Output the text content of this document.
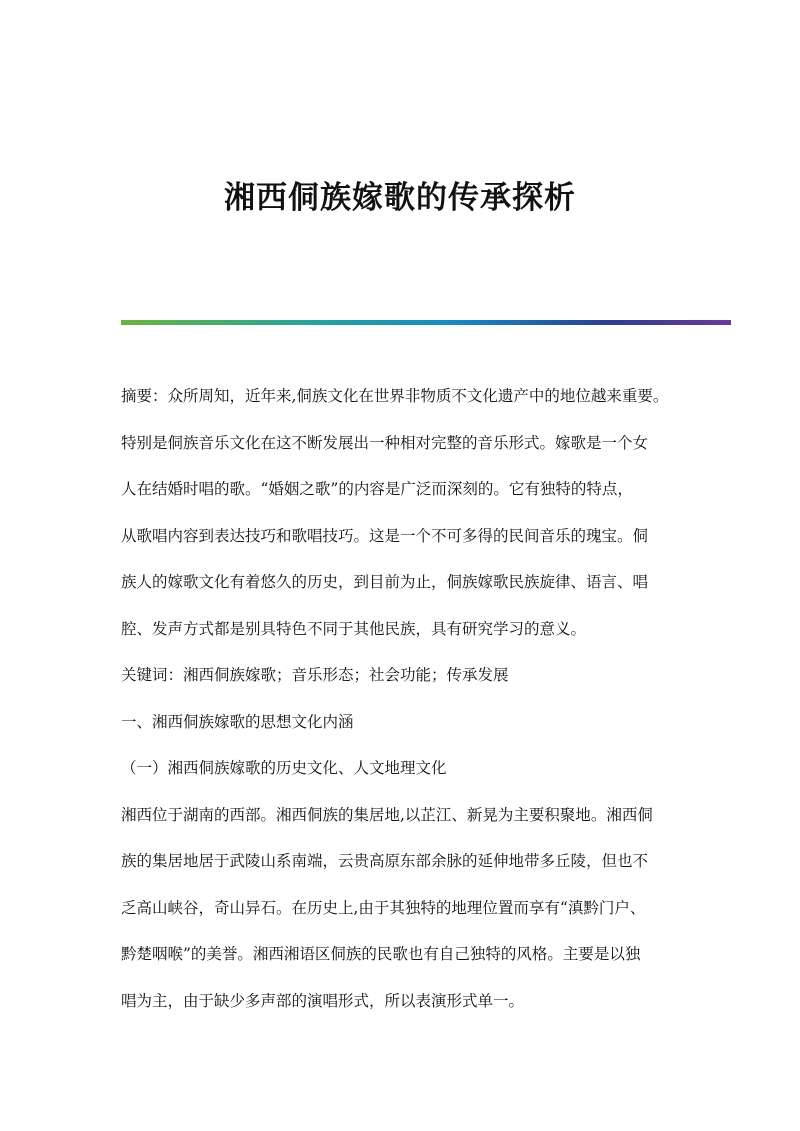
湘西侗族嫁歌的传承探析
摘要：众所周知，近年来,侗族文化在世界非物质不文化遗产中的地位越来重要。
特别是侗族音乐文化在这不断发展出一种相对完整的音乐形式。嫁歌是一个女
人在结婚时唱的歌。“婚姻之歌”的内容是广泛而深刻的。它有独特的特点，
从歌唱内容到表达技巧和歌唱技巧。这是一个不可多得的民间音乐的瑰宝。侗
族人的嫁歌文化有着悠久的历史，到目前为止，侗族嫁歌民族旋律、语言、唱
腔、发声方式都是别具特色不同于其他民族，具有研究学习的意义。
关键词：湘西侗族嫁歌；音乐形态；社会功能；传承发展
一、湘西侗族嫁歌的思想文化内涵
（一）湘西侗族嫁歌的历史文化、人文地理文化
湘西位于湖南的西部。湘西侗族的集居地,以芷江、新晃为主要积聚地。湘西侗
族的集居地居于武陵山系南端，云贵高原东部余脉的延伸地带多丘陵，但也不
乏高山峡谷，奇山异石。在历史上,由于其独特的地理位置而享有“滇黔门户、
黔楚咽喉”的美誉。湘西湘语区侗族的民歌也有自己独特的风格。主要是以独
唱为主，由于缺少多声部的演唱形式，所以表演形式单一。
